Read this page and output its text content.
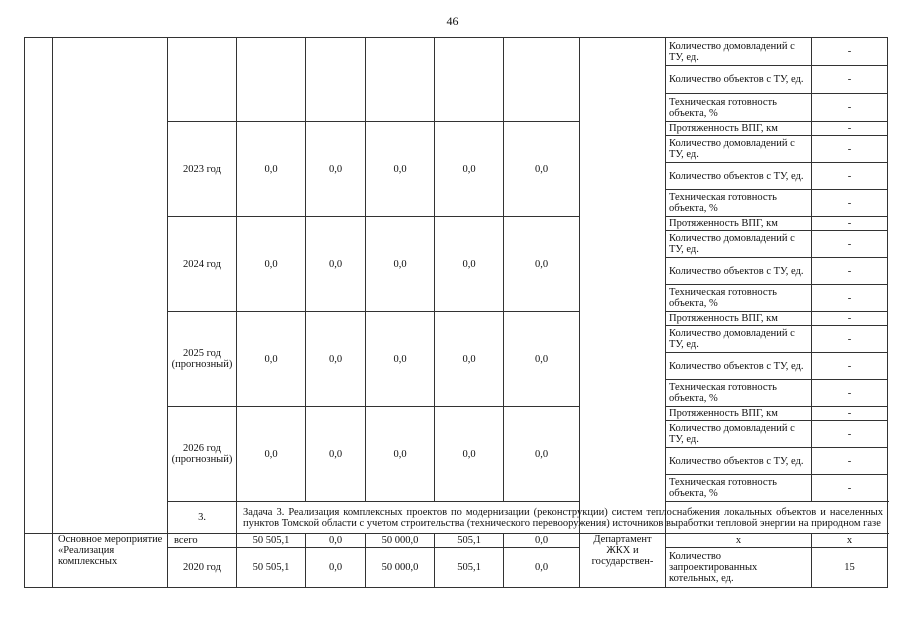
46
									Количество домовладений с ТУ, ед.	-
									Количество объектов с ТУ, ед.	-
									Техническая готовность объекта, %	-
		2023 год	0,0	0,0	0,0	0,0	0,0		Протяженность ВПГ, км	-
									Количество домовладений с ТУ, ед.	-
									Количество объектов с ТУ, ед.	-
									Техническая готовность объекта, %	-
		2024 год	0,0	0,0	0,0	0,0	0,0		Протяженность ВПГ, км	-
									Количество домовладений с ТУ, ед.	-
									Количество объектов с ТУ, ед.	-
									Техническая готовность объекта, %	-
		2025 год (прогнозный)	0,0	0,0	0,0	0,0	0,0		Протяженность ВПГ, км	-
									Количество домовладений с ТУ, ед.	-
									Количество объектов с ТУ, ед.	-
									Техническая готовность объекта, %	-
		2026 год (прогнозный)	0,0	0,0	0,0	0,0	0,0		Протяженность ВПГ, км	-
									Количество домовладений с ТУ, ед.	-
									Количество объектов с ТУ, ед.	-
									Техническая готовность объекта, %	-
		3.	Задача 3. Реализация комплексных проектов по модернизации (реконструкции) систем теплоснабжения локальных объектов и населенных пунктов Томской области с учетом строительства (технического перевооружения) источников выработки тепловой энергии на природном газе							
	Основное мероприятие «Реализация комплексных	всего	50 505,1	0,0	50 000,0	505,1	0,0	Департамент ЖКХ и государствен-	х	х
		2020 год	50 505,1	0,0	50 000,0	505,1	0,0		Количество запроектированных котельных, ед.	15
